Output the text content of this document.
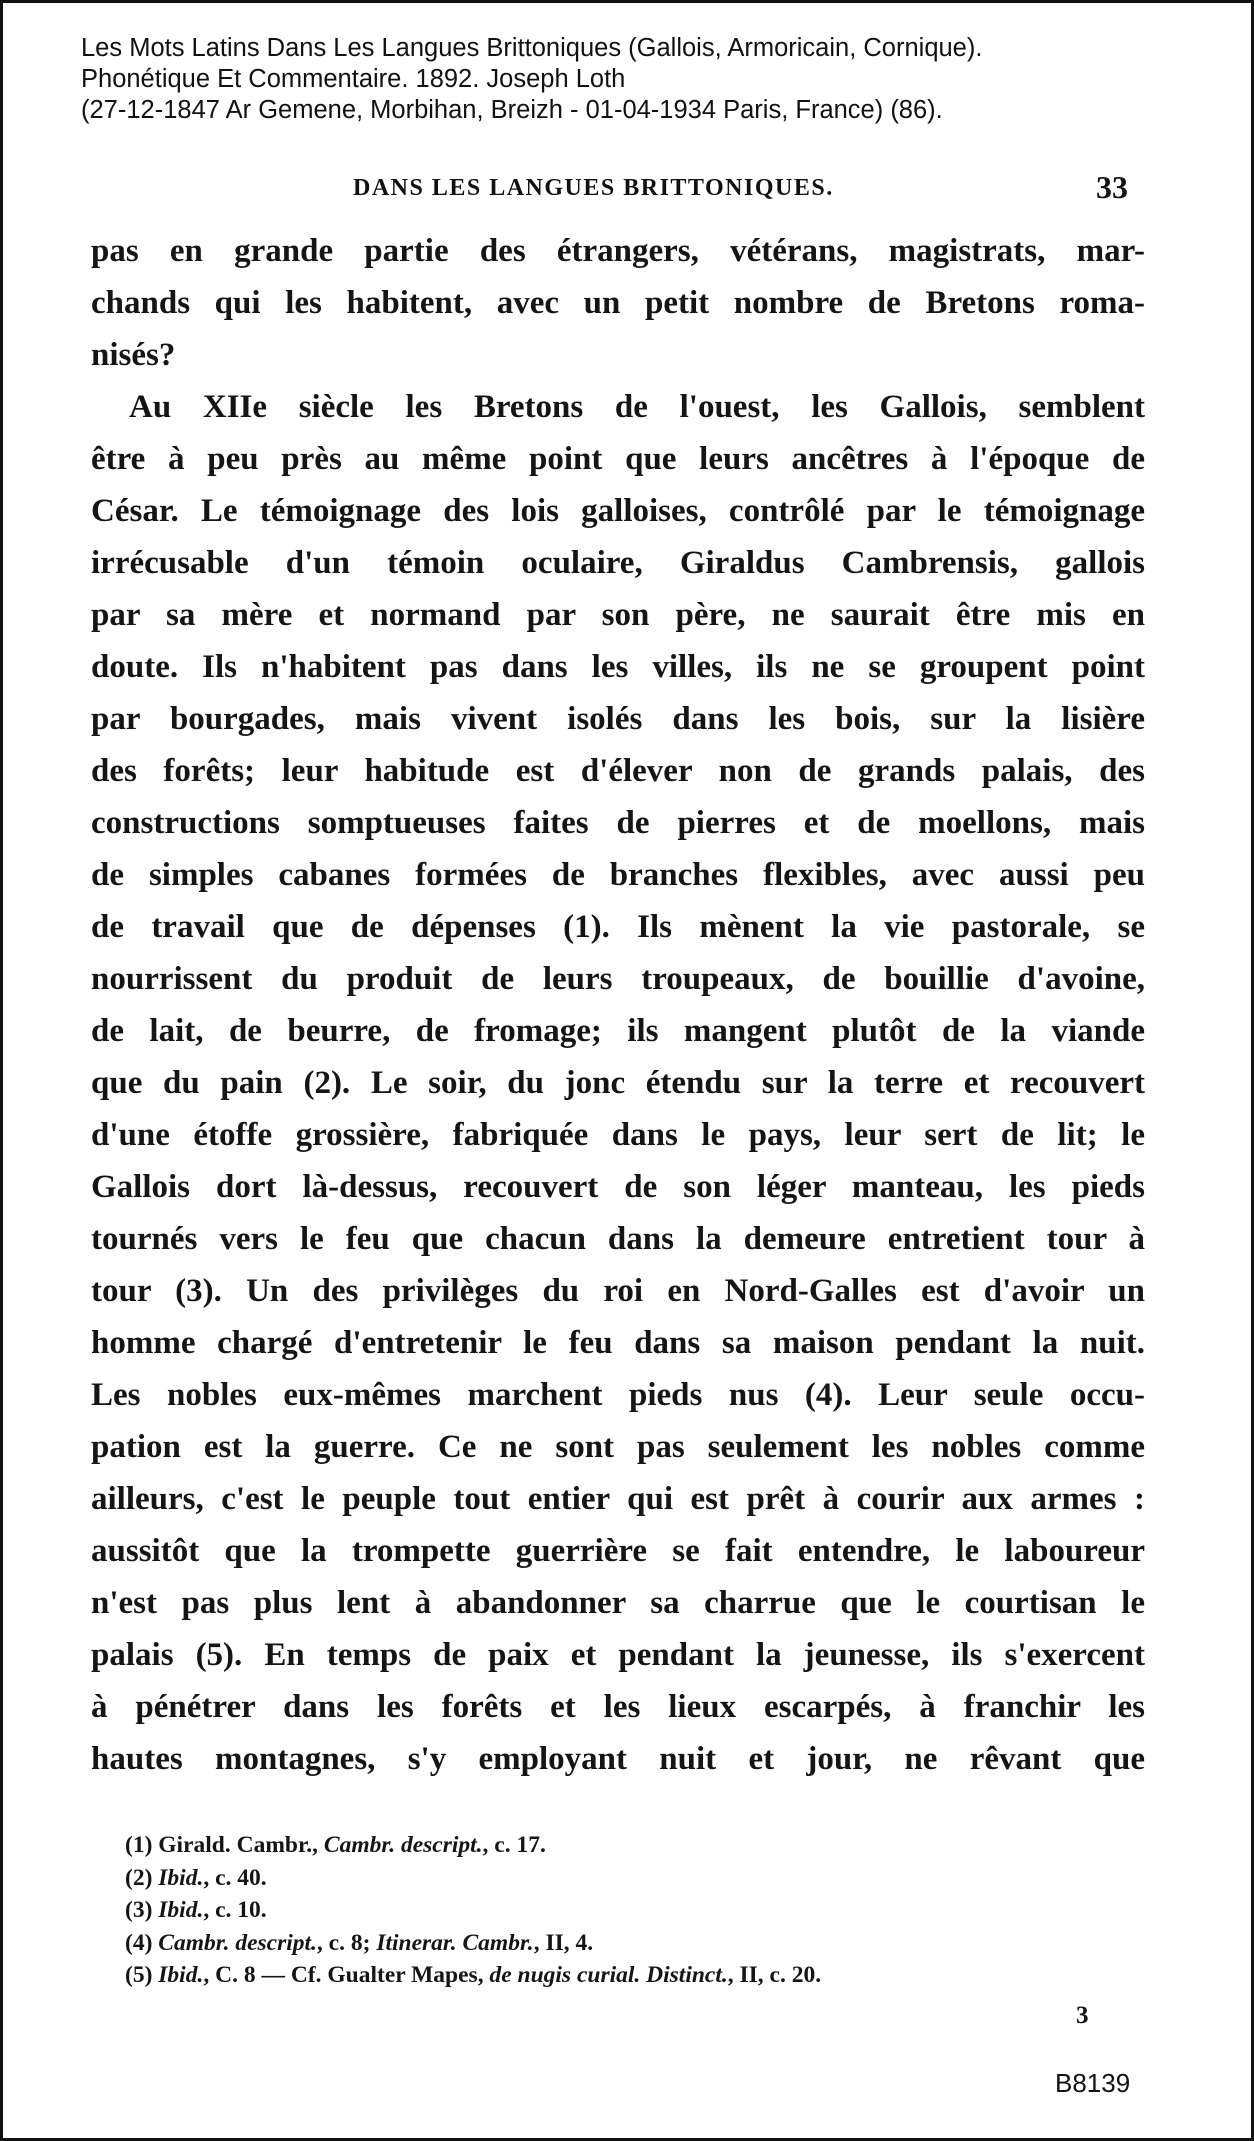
Les Mots Latins Dans Les Langues Brittoniques (Gallois, Armoricain, Cornique).
Phonétique Et Commentaire. 1892. Joseph Loth
(27-12-1847 Ar Gemene, Morbihan, Breizh - 01-04-1934 Paris, France) (86).
DANS LES LANGUES BRITTONIQUES.	33
pas en grande partie des étrangers, vétérans, magistrats, mar-
chands qui les habitent, avec un petit nombre de Bretons roma-
nisés?
Au XIIe siècle les Bretons de l'ouest, les Gallois, semblent
être à peu près au même point que leurs ancêtres à l'époque de
César. Le témoignage des lois galloises, contrôlé par le témoignage
irrécusable d'un témoin oculaire, Giraldus Cambrensis, gallois
par sa mère et normand par son père, ne saurait être mis en
doute. Ils n'habitent pas dans les villes, ils ne se groupent point
par bourgades, mais vivent isolés dans les bois, sur la lisière
des forêts; leur habitude est d'élever non de grands palais, des
constructions somptueuses faites de pierres et de moellons, mais
de simples cabanes formées de branches flexibles, avec aussi peu
de travail que de dépenses (1). Ils mènent la vie pastorale, se
nourrissent du produit de leurs troupeaux, de bouillie d'avoine,
de lait, de beurre, de fromage; ils mangent plutôt de la viande
que du pain (2). Le soir, du jonc étendu sur la terre et recouvert
d'une étoffe grossière, fabriquée dans le pays, leur sert de lit; le
Gallois dort là-dessus, recouvert de son léger manteau, les pieds
tournés vers le feu que chacun dans la demeure entretient tour à
tour (3). Un des privilèges du roi en Nord-Galles est d'avoir un
homme chargé d'entretenir le feu dans sa maison pendant la nuit.
Les nobles eux-mêmes marchent pieds nus (4). Leur seule occu-
pation est la guerre. Ce ne sont pas seulement les nobles comme
ailleurs, c'est le peuple tout entier qui est prêt à courir aux armes :
aussitôt que la trompette guerrière se fait entendre, le laboureur
n'est pas plus lent à abandonner sa charrue que le courtisan le
palais (5). En temps de paix et pendant la jeunesse, ils s'exercent
à pénétrer dans les forêts et les lieux escarpés, à franchir les
hautes montagnes, s'y employant nuit et jour, ne rêvant que
(1) Girald. Cambr., Cambr. descript., c. 17.
(2) Ibid., c. 40.
(3) Ibid., c. 10.
(4) Cambr. descript., c. 8; Itinerar. Cambr., II, 4.
(5) Ibid., C. 8 — Cf. Gualter Mapes, de nugis curial. Distinct., II, c. 20.
3
B8139
